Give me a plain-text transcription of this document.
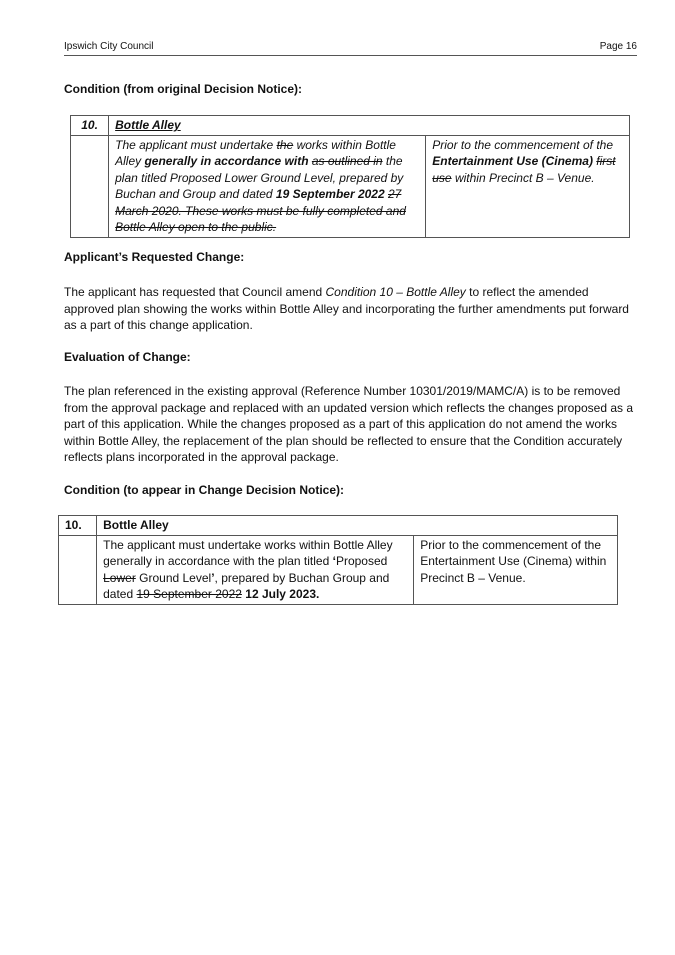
Ipswich City Council	Page 16
Condition (from original Decision Notice):
10.	Bottle Alley	
	The applicant must undertake the works within Bottle Alley generally in accordance with as outlined in the plan titled Proposed Lower Ground Level, prepared by Buchan and Group and dated 19 September 2022 27 March 2020. These works must be fully completed and Bottle Alley open to the public.	Prior to the commencement of the Entertainment Use (Cinema) first use within Precinct B – Venue.
Applicant’s Requested Change:
The applicant has requested that Council amend Condition 10 – Bottle Alley to reflect the amended approved plan showing the works within Bottle Alley and incorporating the further amendments put forward as a part of this change application.
Evaluation of Change:
The plan referenced in the existing approval (Reference Number 10301/2019/MAMC/A) is to be removed from the approval package and replaced with an updated version which reflects the changes proposed as a part of this application. While the changes proposed as a part of this application do not amend the works within Bottle Alley, the replacement of the plan should be reflected to ensure that the Condition accurately reflects plans incorporated in the approval package.
Condition (to appear in Change Decision Notice):
10.	Bottle Alley	
	The applicant must undertake works within Bottle Alley generally in accordance with the plan titled ‘Proposed Lower Ground Level’, prepared by Buchan Group and dated 19 September 2022 12 July 2023.	Prior to the commencement of the Entertainment Use (Cinema) within Precinct B – Venue.
